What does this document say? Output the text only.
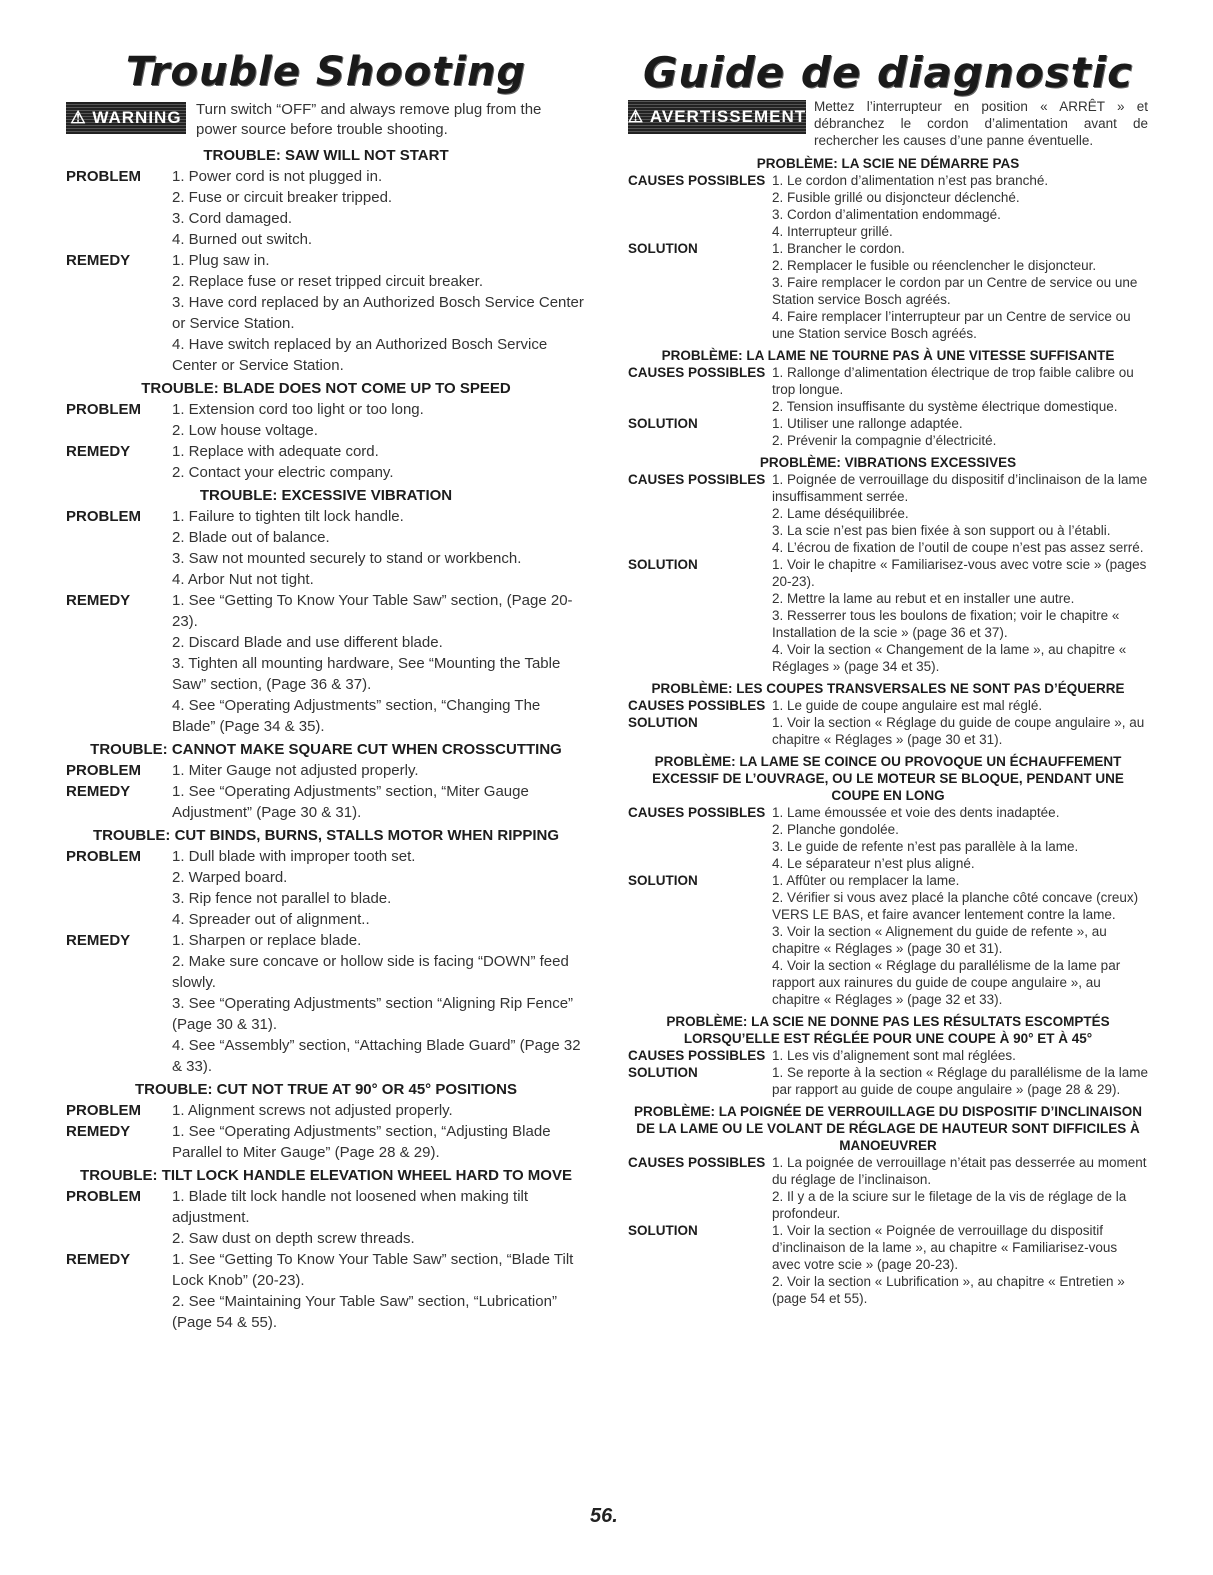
Trouble Shooting
⚠ WARNING Turn switch “OFF” and always remove plug from the power source before trouble shooting.
TROUBLE: SAW WILL NOT START
PROBLEM	1. Power cord is not plugged in.
2. Fuse or circuit breaker tripped.
3. Cord damaged.
4. Burned out switch.
REMEDY	1. Plug saw in.
2. Replace fuse or reset tripped circuit breaker.
3. Have cord replaced by an Authorized Bosch Service Center or Service Station.
4. Have switch replaced by an Authorized Bosch Service Center or Service Station.
TROUBLE: BLADE DOES NOT COME UP TO SPEED
PROBLEM	1. Extension cord too light or too long.
2. Low house voltage.
REMEDY	1. Replace with adequate cord.
2. Contact your electric company.
TROUBLE: EXCESSIVE VIBRATION
PROBLEM	1. Failure to tighten tilt lock handle.
2. Blade out of balance.
3. Saw not mounted securely to stand or workbench.
4. Arbor Nut not tight.
REMEDY	1. See “Getting To Know Your Table Saw” section, (Page 20- 23).
2. Discard Blade and use different blade.
3. Tighten all mounting hardware, See “Mounting the Table Saw” section, (Page 36 & 37).
4. See “Operating Adjustments” section, “Changing The Blade” (Page 34 & 35).
TROUBLE: CANNOT MAKE SQUARE CUT WHEN CROSSCUTTING
PROBLEM	1. Miter Gauge not adjusted properly.
REMEDY	1. See “Operating Adjustments” section, “Miter Gauge Adjustment” (Page 30 & 31).
TROUBLE: CUT BINDS, BURNS, STALLS MOTOR WHEN RIPPING
PROBLEM	1. Dull blade with improper tooth set.
2. Warped board.
3. Rip fence not parallel to blade.
4. Spreader out of alignment..
REMEDY	1. Sharpen or replace blade.
2. Make sure concave or hollow side is facing “DOWN” feed slowly.
3. See “Operating Adjustments” section “Aligning Rip Fence” (Page 30 & 31).
4. See “Assembly” section, “Attaching Blade Guard” (Page 32 & 33).
TROUBLE: CUT NOT TRUE AT 90° OR 45° POSITIONS
PROBLEM	1. Alignment screws not adjusted properly.
REMEDY	1. See “Operating Adjustments” section, “Adjusting Blade Parallel to Miter Gauge” (Page 28 & 29).
TROUBLE: TILT LOCK HANDLE ELEVATION WHEEL HARD TO MOVE
PROBLEM	1. Blade tilt lock handle not loosened when making tilt adjustment.
2. Saw dust on depth screw threads.
REMEDY	1. See “Getting To Know Your Table Saw” section, “Blade Tilt Lock Knob” (20-23).
2. See “Maintaining Your Table Saw” section, “Lubrication” (Page 54 & 55).
Guide de diagnostic
⚠ AVERTISSEMENT
Mettez l’interrupteur en position « ARRÊT » et débranchez le cordon d’alimentation avant de rechercher les causes d’une panne éventuelle.
PROBLÈME: LA SCIE NE DÉMARRE PAS
CAUSES POSSIBLES 1. Le cordon d’alimentation n’est pas branché.
2. Fusible grillé ou disjoncteur déclenché.
3. Cordon d’alimentation endommagé.
4. Interrupteur grillé.
SOLUTION	1. Brancher le cordon.
2. Remplacer le fusible ou réenclencher le disjoncteur.
3. Faire remplacer le cordon par un Centre de service ou une Station service Bosch agréés.
4. Faire remplacer l’interrupteur par un Centre de service ou une Station service Bosch agréés.
PROBLÈME: LA LAME NE TOURNE PAS À UNE VITESSE SUFFISANTE
CAUSES POSSIBLES 1. Rallonge d’alimentation électrique de trop faible calibre ou trop longue.
2. Tension insuffisante du système électrique domestique.
SOLUTION	1. Utiliser une rallonge adaptée.
2. Prévenir la compagnie d’électricité.
PROBLÈME: VIBRATIONS EXCESSIVES
CAUSES POSSIBLES 1. Poignée de verrouillage du dispositif d’inclinaison de la lame insuffisamment serrée.
2. Lame déséquilibrée.
3. La scie n’est pas bien fixée à son support ou à l’établi.
4. L’écrou de fixation de l’outil de coupe n’est pas assez serré.
SOLUTION	1. Voir le chapitre « Familiarisez-vous avec votre scie » (pages 20-23).
2. Mettre la lame au rebut et en installer une autre.
3. Resserrer tous les boulons de fixation; voir le chapitre « Installation de la scie » (page 36 et 37).
4. Voir la section « Changement de la lame », au chapitre « Réglages » (page 34 et 35).
PROBLÈME: LES COUPES TRANSVERSALES NE SONT PAS D’ÉQUERRE
CAUSES POSSIBLES 1. Le guide de coupe angulaire est mal réglé.
SOLUTION	1. Voir la section « Réglage du guide de coupe angulaire », au chapitre « Réglages » (page 30 et 31).
PROBLÈME: LA LAME SE COINCE OU PROVOQUE UN ÉCHAUFFEMENT EXCESSIF DE L’OUVRAGE, OU LE MOTEUR SE BLOQUE, PENDANT UNE COUPE EN LONG
CAUSES POSSIBLES 1. Lame émoussée et voie des dents inadaptée.
2. Planche gondolée.
3. Le guide de refente n’est pas parallèle à la lame.
4. Le séparateur n’est plus aligné.
SOLUTION	1. Affûter ou remplacer la lame.
2. Vérifier si vous avez placé la planche côté concave (creux) VERS LE BAS, et faire avancer lentement contre la lame.
3. Voir la section « Alignement du guide de refente », au chapitre « Réglages » (page 30 et 31).
4. Voir la section « Réglage du parallélisme de la lame par rapport aux rainures du guide de coupe angulaire », au chapitre « Réglages » (page 32 et 33).
PROBLÈME: LA SCIE NE DONNE PAS LES RÉSULTATS ESCOMPTÉS LORSQU’ELLE EST RÉGLÉE POUR UNE COUPE À 90° ET À 45°
CAUSES POSSIBLES 1. Les vis d’alignement sont mal réglées.
SOLUTION	1. Se reporte à la section « Réglage du parallélisme de la lame par rapport au guide de coupe angulaire » (page 28 & 29).
PROBLÈME: LA POIGNÉE DE VERROUILLAGE DU DISPOSITIF D’INCLINAISON DE LA LAME OU LE VOLANT DE RÉGLAGE DE HAUTEUR SONT DIFFICILES À MANOEUVRER
CAUSES POSSIBLES 1. La poignée de verrouillage n’était pas desserrée au moment du réglage de l’inclinaison.
2. Il y a de la sciure sur le filetage de la vis de réglage de la profondeur.
SOLUTION	1. Voir la section « Poignée de verrouillage du dispositif d’inclinaison de la lame », au chapitre « Familiarisez-vous avec votre scie » (page 20-23).
2. Voir la section « Lubrification », au chapitre « Entretien » (page 54 et 55).
56.
